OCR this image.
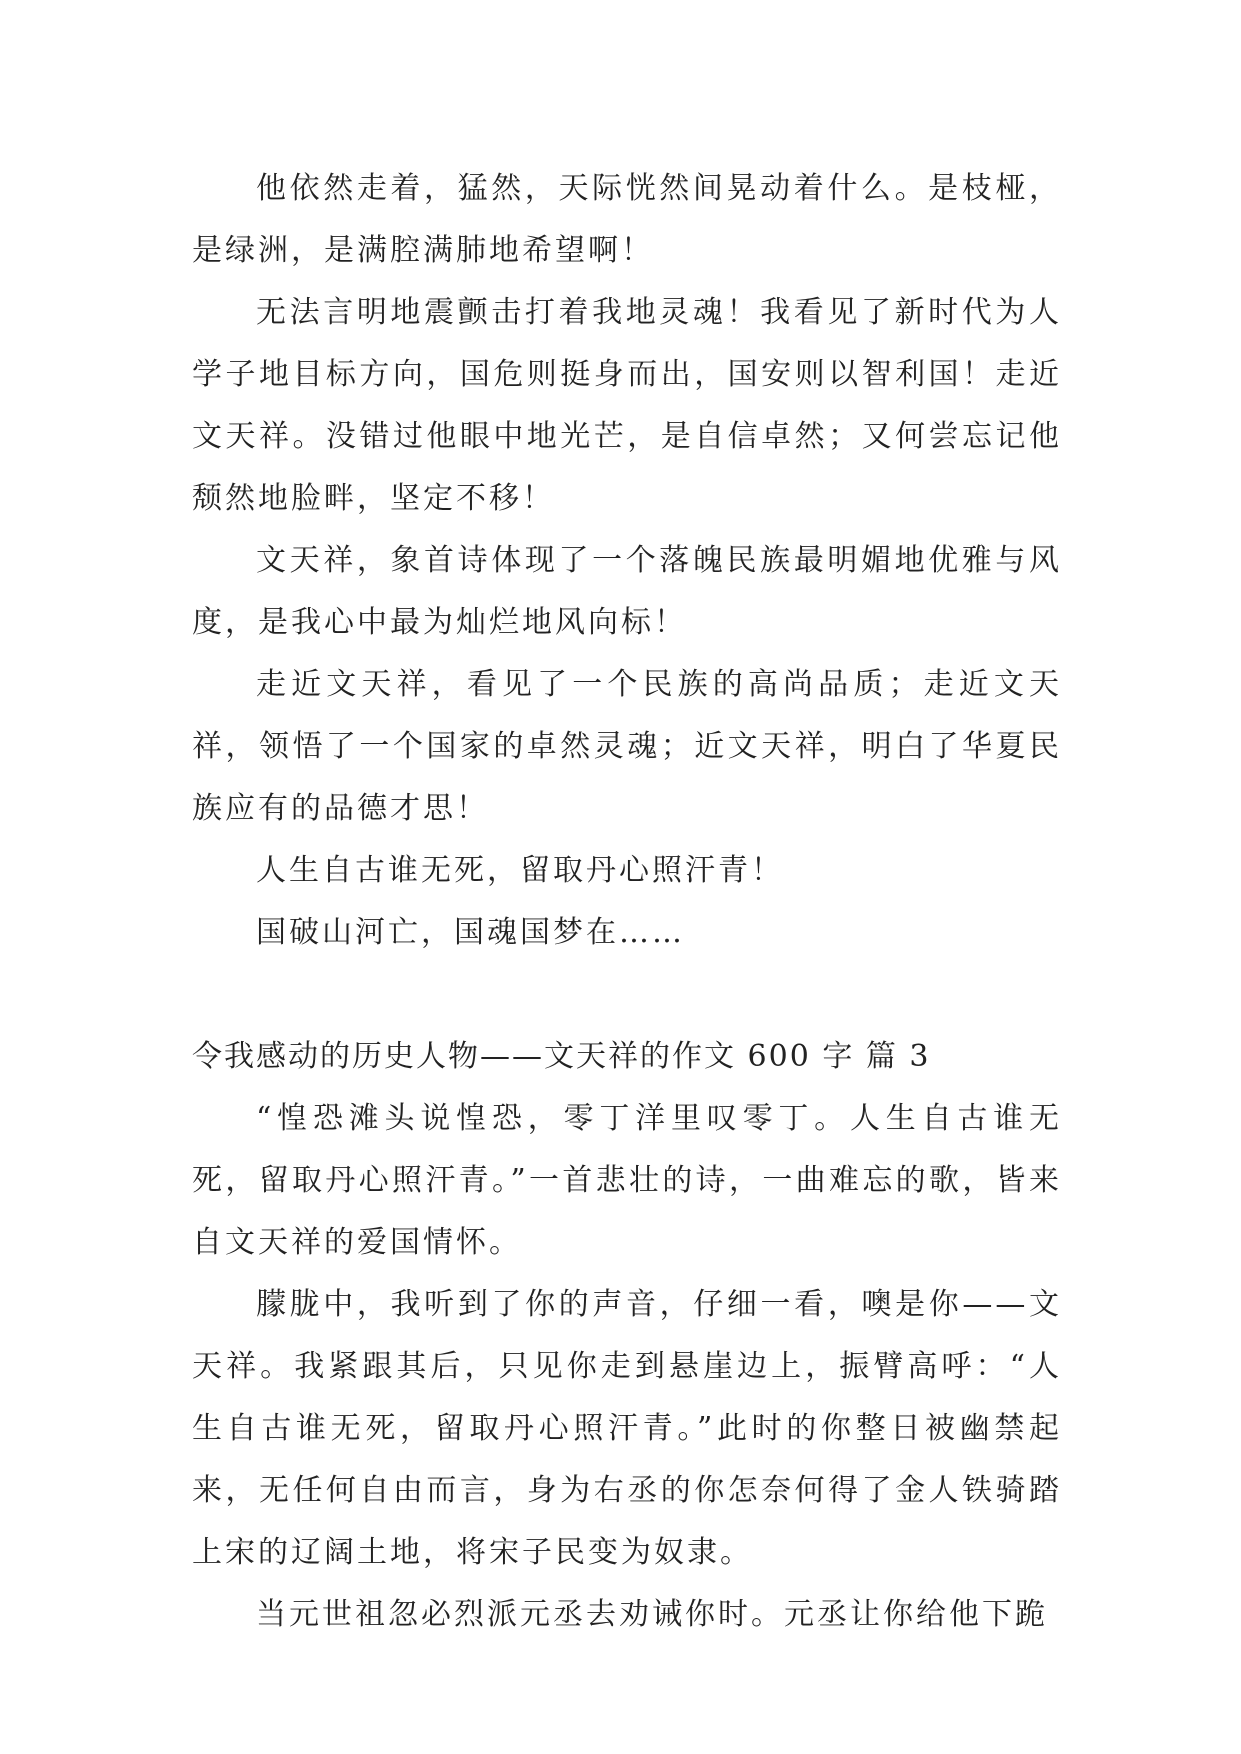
他依然走着，猛然，天际恍然间晃动着什么。是枝桠，是绿洲，是满腔满肺地希望啊！

无法言明地震颤击打着我地灵魂！我看见了新时代为人学子地目标方向，国危则挺身而出，国安则以智利国！走近文天祥。没错过他眼中地光芒，是自信卓然；又何尝忘记他颓然地脸畔，坚定不移！

文天祥，象首诗体现了一个落魄民族最明媚地优雅与风度，是我心中最为灿烂地风向标！

走近文天祥，看见了一个民族的高尚品质；走近文天祥，领悟了一个国家的卓然灵魂；近文天祥，明白了华夏民族应有的品德才思！

人生自古谁无死，留取丹心照汗青！

国破山河亡，国魂国梦在……

令我感动的历史人物——文天祥的作文 600 字 篇 3

“惶恐滩头说惶恐，零丁洋里叹零丁。人生自古谁无死，留取丹心照汗青。”一首悲壮的诗，一曲难忘的歌，皆来自文天祥的爱国情怀。

朦胧中，我听到了你的声音，仔细一看，噢是你——文天祥。我紧跟其后，只见你走到悬崖边上，振臂高呼：“人生自古谁无死，留取丹心照汗青。”此时的你整日被幽禁起来，无任何自由而言，身为右丞的你怎奈何得了金人铁骑踏上宋的辽阔土地，将宋子民变为奴隶。

当元世祖忽必烈派元丞去劝诫你时。元丞让你给他下跪
